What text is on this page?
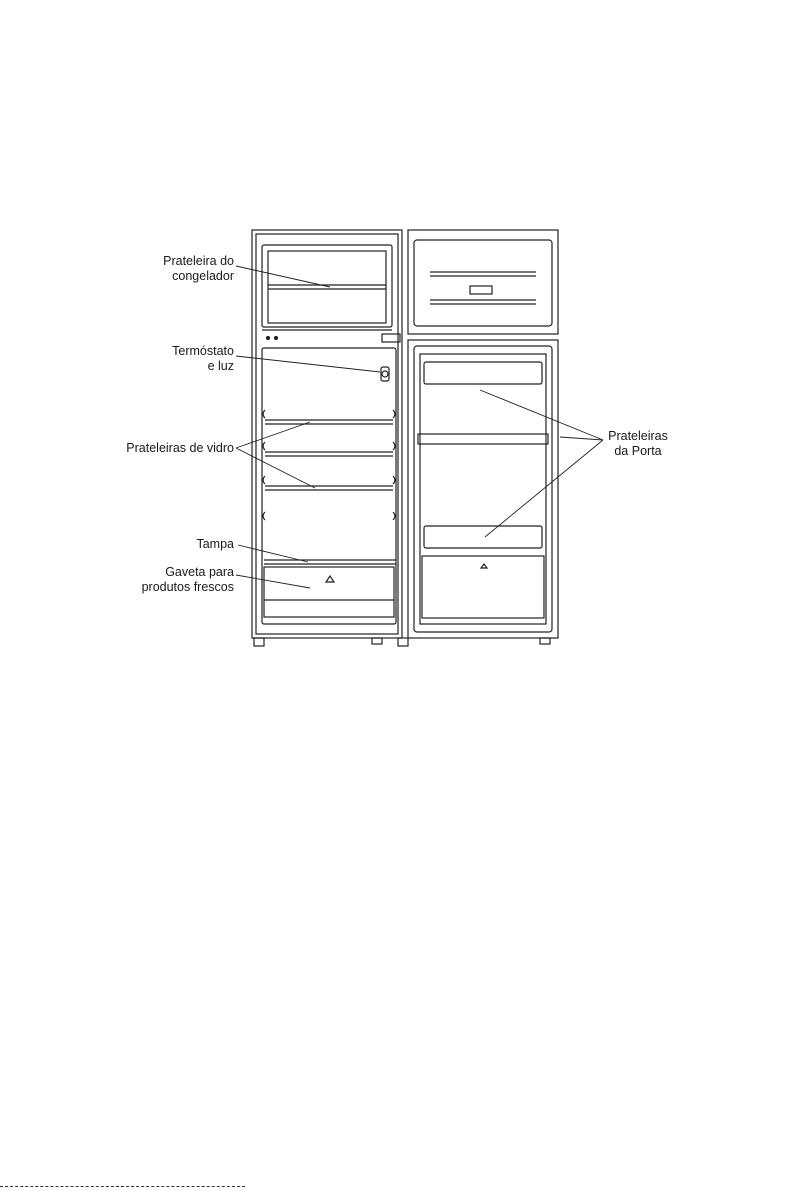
Prateleira do
congelador
Termóstato
e luz
Prateleiras de vidro
Tampa
Gaveta para
produtos frescos
Prateleiras
da Porta
